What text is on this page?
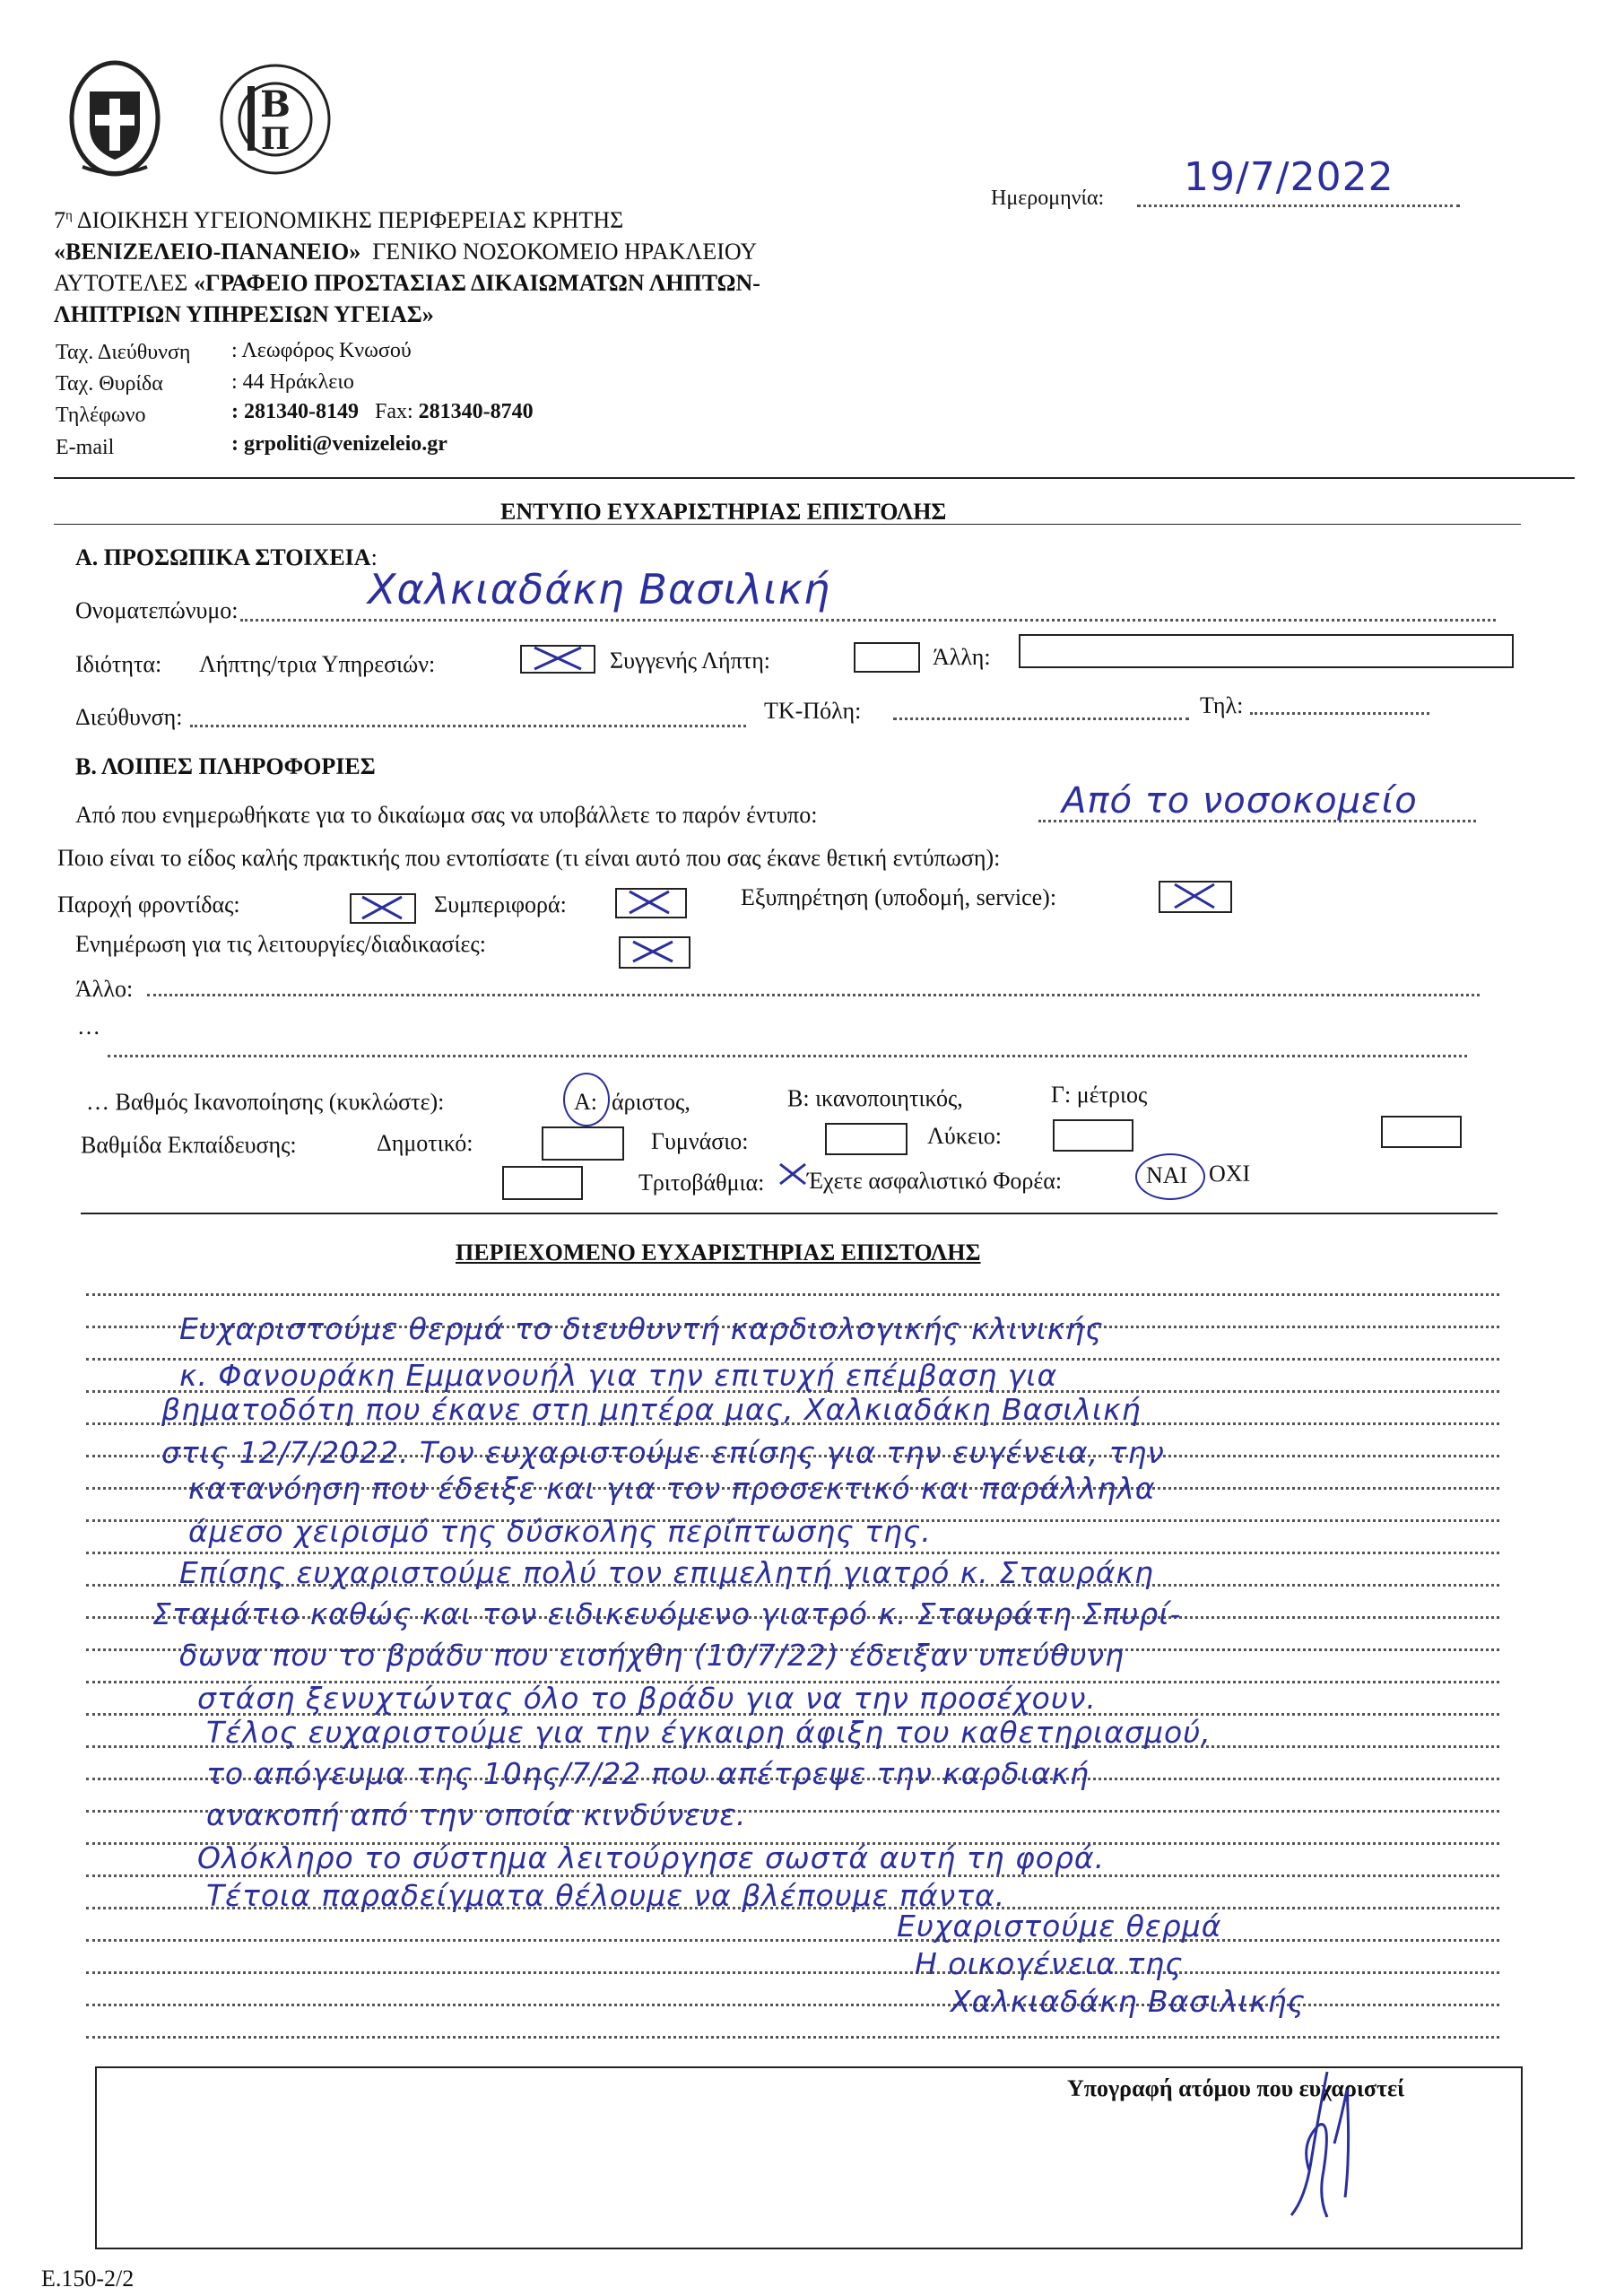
Β
Π
$7^\eta$ ΔΙΟΙΚΗΣΗ ΥΓΕΙΟΝΟΜΙΚΗΣ ΠΕΡΙΦΕΡΕΙΑΣ ΚΡΗΤΗΣ
«ΒΕΝΙΖΕΛΕΙΟ-ΠΑΝΑΝΕΙΟ» ΓΕΝΙΚΟ ΝΟΣΟΚΟΜΕΙΟ ΗΡΑΚΛΕΙΟΥ
ΑΥΤΟΤΕΛΕΣ «ΓΡΑΦΕΙΟ ΠΡΟΣΤΑΣΙΑΣ ΔΙΚΑΙΩΜΑΤΩΝ ΛΗΠΤΩΝ-
ΛΗΠΤΡΙΩΝ ΥΠΗΡΕΣΙΩΝ ΥΓΕΙΑΣ»
Ταχ. Διεύθυνση : Λεωφόρος Κνωσού
Ταχ. Θυρίδα	: 44 Ηράκλειο
Τηλέφωνο	: 281340-8149 Fax: 281340-8740
E-mail	: grpoliti@venizeleio.gr
Ημερομηνία: 19/7/2022
ΕΝΤΥΠΟ ΕΥΧΑΡΙΣΤΗΡΙΑΣ ΕΠΙΣΤΟΛΗΣ
Α. ΠΡΟΣΩΠΙΚΑ ΣΤΟΙΧΕΙΑ:
Ονοματεπώνυμο:	Χαλκιαδάκη Βασιλική
Ιδιότητα: Λήπτης/τρια Υπηρεσιών:	Συγγενής Λήπτη:	Άλλη:
Διεύθυνση:	ΤΚ-Πόλη:	Τηλ:
Β. ΛΟΙΠΕΣ ΠΛΗΡΟΦΟΡΙΕΣ
Από που ενημερωθήκατε για το δικαίωμα σας να υποβάλλετε το παρόν έντυπο:	Από το νοσοκομείο
Ποιο είναι το είδος καλής πρακτικής που εντοπίσατε (τι είναι αυτό που σας έκανε θετική εντύπωση):
Παροχή φροντίδας:	Συμπεριφορά:	Εξυπηρέτηση (υποδομή, service):
Ενημέρωση για τις λειτουργίες/διαδικασίες:
Άλλο:
…
… Βαθμός Ικανοποίησης (κυκλώστε):	Α: άριστος,	Β: ικανοποιητικός,	Γ: μέτριος
Βαθμίδα Εκπαίδευσης:	Δημοτικό:	Γυμνάσιο:	Λύκειο:
Τριτοβάθμια: Έχετε ασφαλιστικό Φορέα:	ΝΑΙ ΟΧΙ
ΠΕΡΙΕΧΟΜΕΝΟ ΕΥΧΑΡΙΣΤΗΡΙΑΣ ΕΠΙΣΤΟΛΗΣ
Ευχαριστούμε θερμά το διευθυντή καρδιολογικής κλινικής
κ. Φανουράκη Εμμανουήλ για την επιτυχή επέμβαση για
βηματοδότη που έκανε στη μητέρα μας, Χαλκιαδάκη Βασιλική
στις 12/7/2022. Τον ευχαριστούμε επίσης για την ευγένεια, την
κατανόηση που έδειξε και για τον προσεκτικό και παράλληλα
άμεσο χειρισμό της δύσκολης περίπτωσης της.
Επίσης ευχαριστούμε πολύ τον επιμελητή γιατρό κ. Σταυράκη
Σταμάτιο καθώς και τον ειδικευόμενο γιατρό κ. Σταυράτη Σπυρί-
δωνα που το βράδυ που εισήχθη (10/7/22) έδειξαν υπεύθυνη
στάση ξενυχτώντας όλο το βράδυ για να την προσέχουν.
Τέλος ευχαριστούμε για την έγκαιρη άφιξη του καθετηριασμού,
το απόγευμα της 10ης/7/22 που απέτρεψε την καρδιακή
ανακοπή από την οποία κινδύνευε.
Ολόκληρο το σύστημα λειτούργησε σωστά αυτή τη φορά.
Τέτοια παραδείγματα θέλουμε να βλέπουμε πάντα.
Ευχαριστούμε θερμά
Η οικογένεια της
Χαλκιαδάκη Βασιλικής
Υπογραφή ατόμου που ευχαριστεί
Ε.150-2/2
